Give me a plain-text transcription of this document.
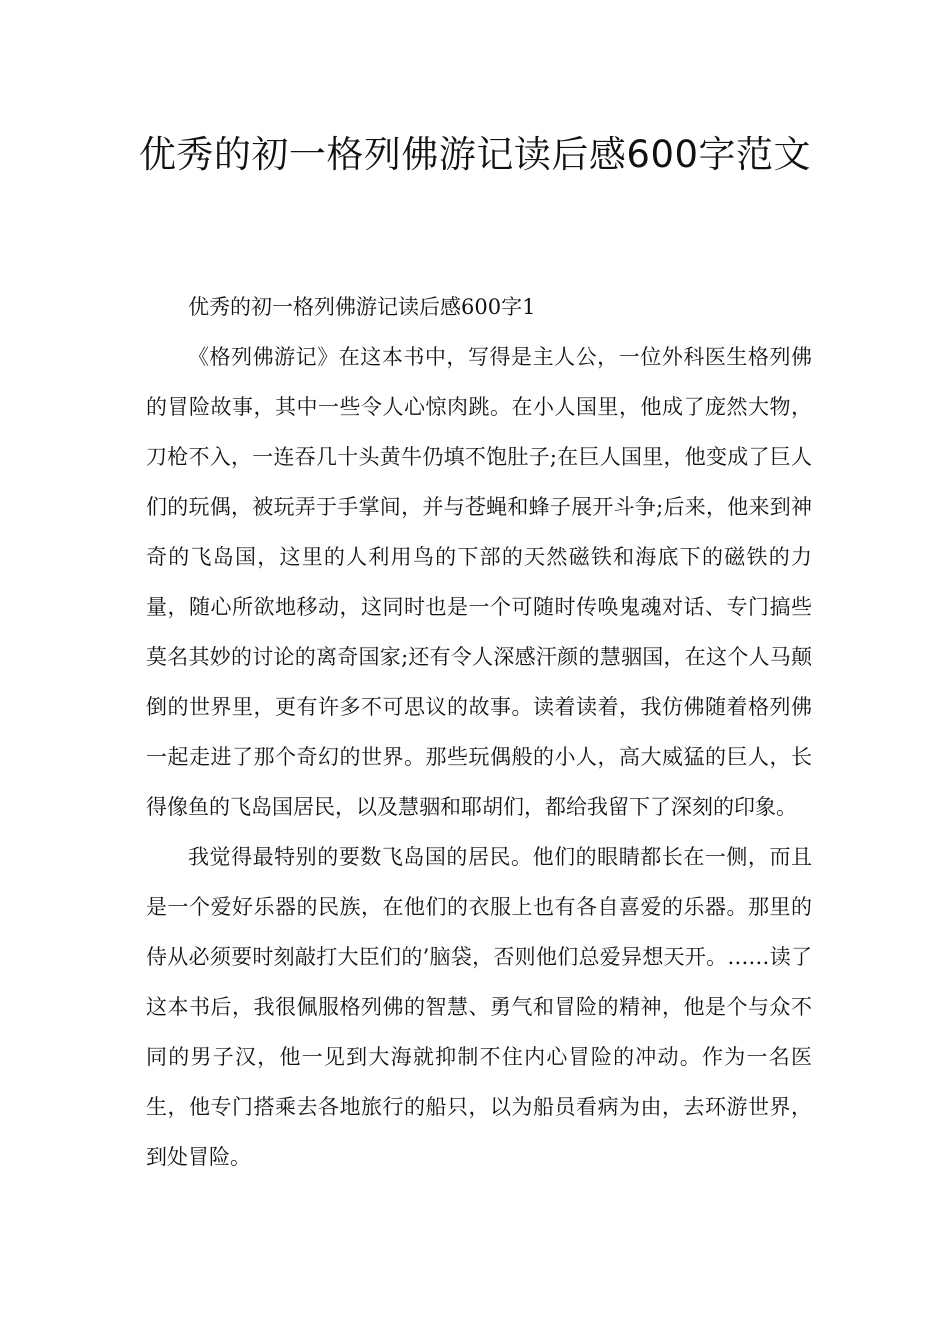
优秀的初一格列佛游记读后感600字范文

优秀的初一格列佛游记读后感600字1

《格列佛游记》在这本书中，写得是主人公，一位外科医生格列佛的冒险故事，其中一些令人心惊肉跳。在小人国里，他成了庞然大物，刀枪不入，一连吞几十头黄牛仍填不饱肚子;在巨人国里，他变成了巨人们的玩偶，被玩弄于手掌间，并与苍蝇和蜂子展开斗争;后来，他来到神奇的飞岛国，这里的人利用鸟的下部的天然磁铁和海底下的磁铁的力量，随心所欲地移动，这同时也是一个可随时传唤鬼魂对话、专门搞些莫名其妙的讨论的离奇国家;还有令人深感汗颜的慧骃国，在这个人马颠倒的世界里，更有许多不可思议的故事。读着读着，我仿佛随着格列佛一起走进了那个奇幻的世界。那些玩偶般的小人，高大威猛的巨人，长得像鱼的飞岛国居民，以及慧骃和耶胡们，都给我留下了深刻的印象。

我觉得最特别的要数飞岛国的居民。他们的眼睛都长在一侧，而且是一个爱好乐器的民族，在他们的衣服上也有各自喜爱的乐器。那里的侍从必须要时刻敲打大臣们的’脑袋，否则他们总爱异想天开。……读了这本书后，我很佩服格列佛的智慧、勇气和冒险的精神，他是个与众不同的男子汉，他一见到大海就抑制不住内心冒险的冲动。作为一名医生，他专门搭乘去各地旅行的船只，以为船员看病为由，去环游世界，到处冒险。
